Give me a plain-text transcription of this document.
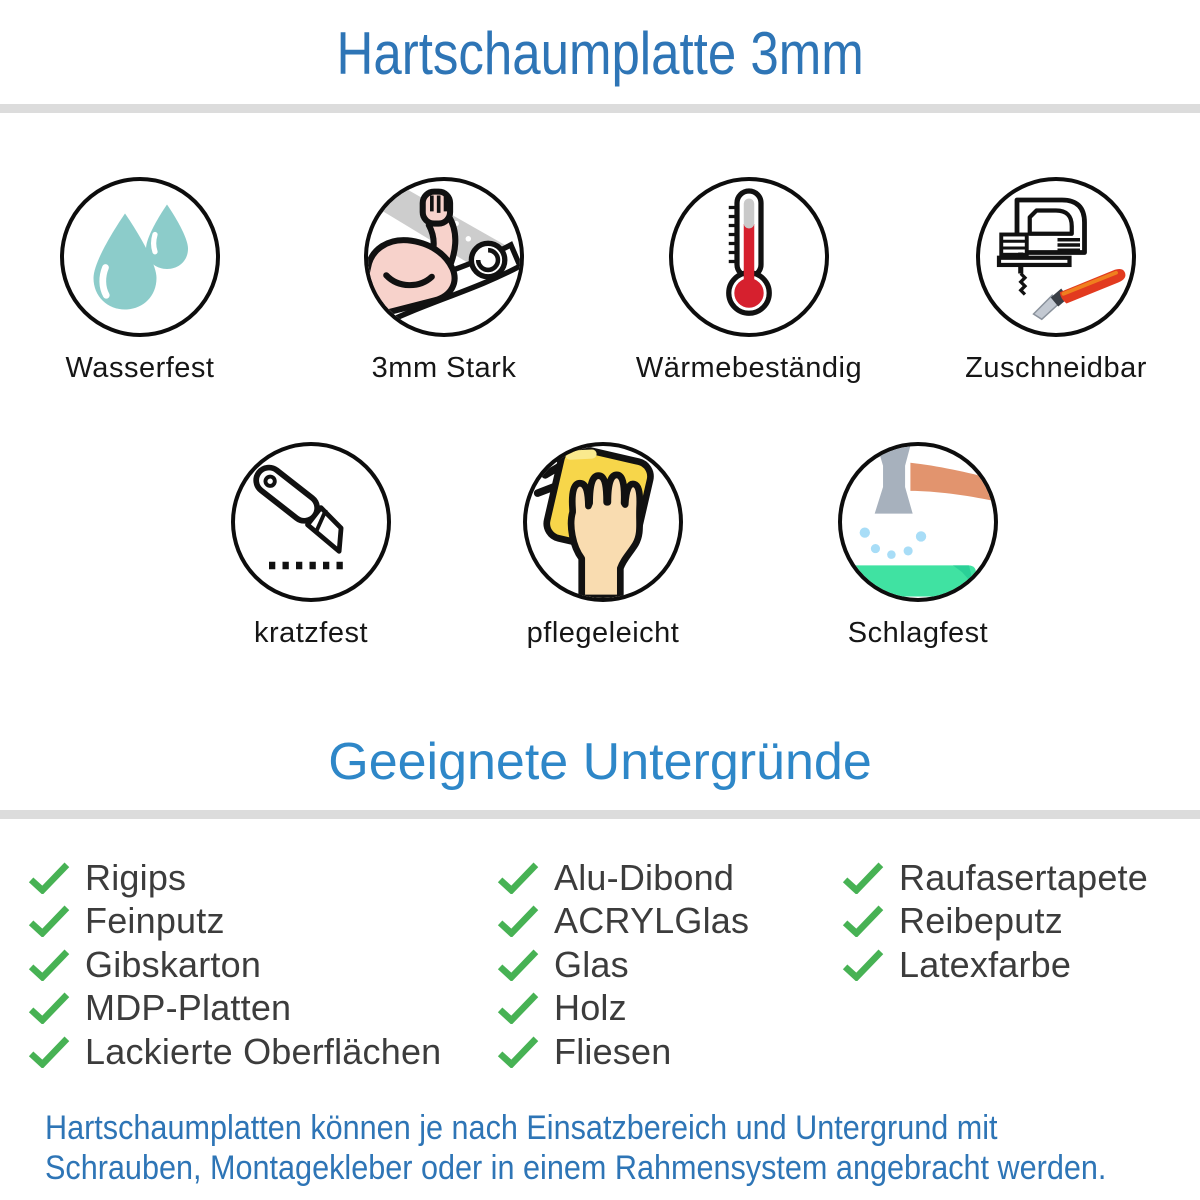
Hartschaumplatte 3mm
Wasserfest	3mm Stark	Wärmebeständig	Zuschneidbar
kratzfest	pflegeleicht	Schlagfest
Geeignete Untergründe
Rigips
Feinputz
Gibskarton
MDP-Platten
Lackierte Oberflächen
Alu-Dibond
ACRYLGlas
Glas
Holz
Fliesen
Raufasertapete
Reibeputz
Latexfarbe
Hartschaumplatten können je nach Einsatzbereich und Untergrund mit
Schrauben, Montagekleber oder in einem Rahmensystem angebracht werden.
